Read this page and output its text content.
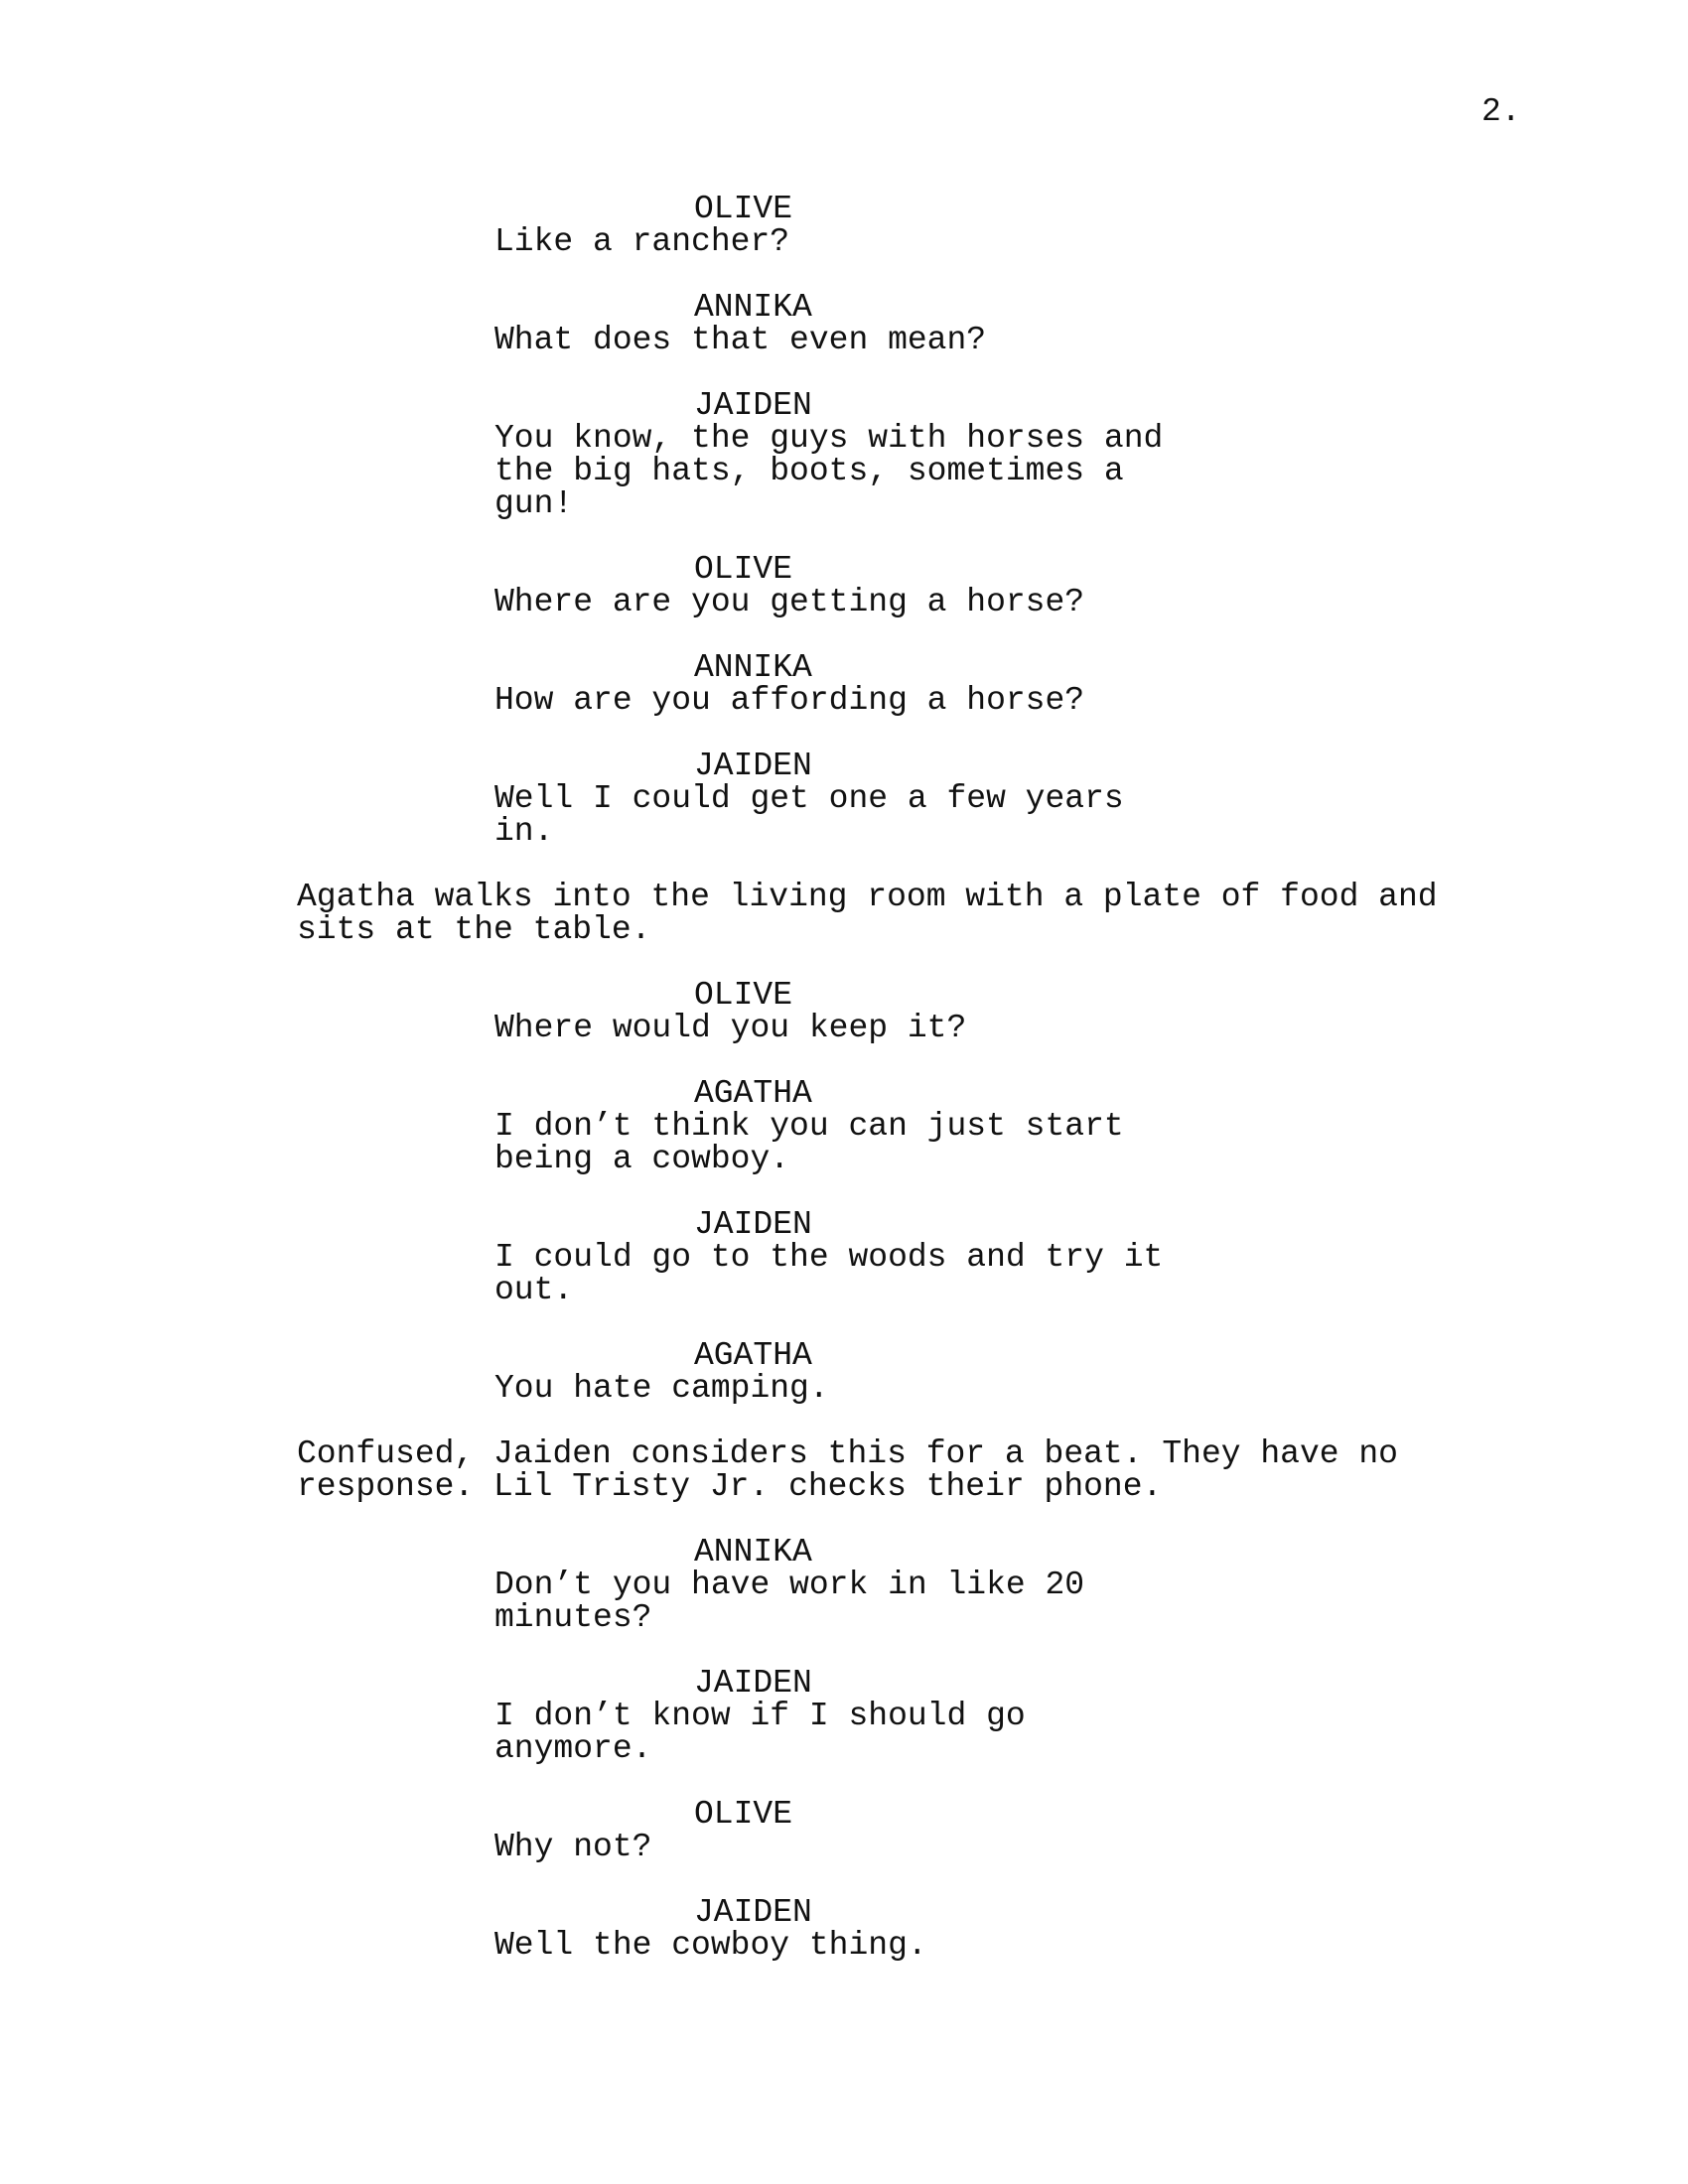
2.
OLIVE
Like a rancher?
ANNIKA
What does that even mean?
JAIDEN
You know, the guys with horses and
the big hats, boots, sometimes a
gun!
OLIVE
Where are you getting a horse?
ANNIKA
How are you affording a horse?
JAIDEN
Well I could get one a few years
in.
Agatha walks into the living room with a plate of food and
sits at the table.
OLIVE
Where would you keep it?
AGATHA
I don’t think you can just start
being a cowboy.
JAIDEN
I could go to the woods and try it
out.
AGATHA
You hate camping.
Confused, Jaiden considers this for a beat. They have no
response. Lil Tristy Jr. checks their phone.
ANNIKA
Don’t you have work in like 20
minutes?
JAIDEN
I don’t know if I should go
anymore.
OLIVE
Why not?
JAIDEN
Well the cowboy thing.
